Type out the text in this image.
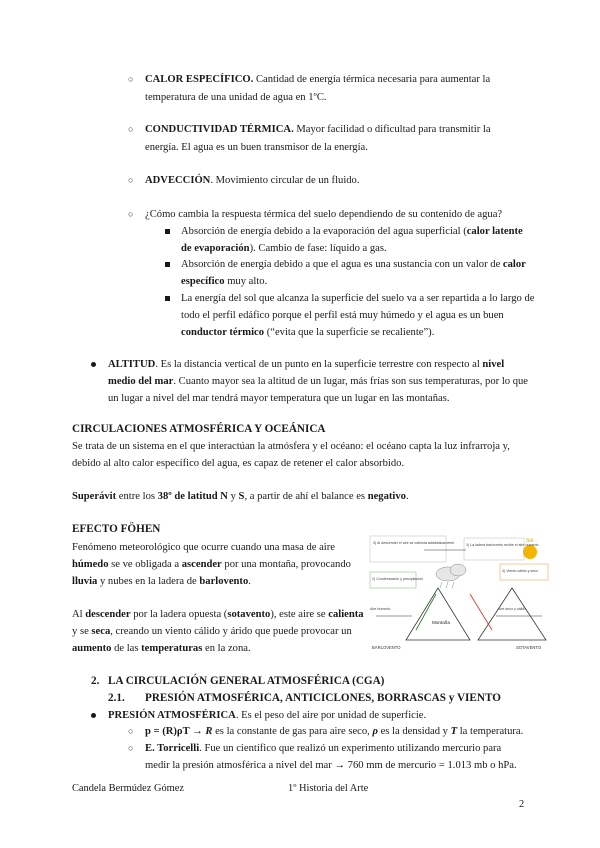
○ CALOR ESPECÍFICO. Cantidad de energía térmica necesaria para aumentar la
temperatura de una unidad de agua en 1ºC.
○ CONDUCTIVIDAD TÉRMICA. Mayor facilidad o dificultad para transmitir la
energía. El agua es un buen transmisor de la energía.
○ ADVECCIÓN. Movimiento circular de un fluido.
○ ¿Cómo cambia la respuesta térmica del suelo dependiendo de su contenido de agua?
Absorción de energía debido a la evaporación del agua superficial (calor latente
de evaporación). Cambio de fase: líquido a gas.
Absorción de energía debido a que el agua es una sustancia con un valor de calor
específico muy alto.
La energía del sol que alcanza la superficie del suelo va a ser repartida a lo largo de
todo el perfil edáfico porque el perfil está muy húmedo y el agua es un buen
conductor térmico (“evita que la superficie se recaliente”).
ALTITUD. Es la distancia vertical de un punto en la superficie terrestre con respecto al nivel
medio del mar. Cuanto mayor sea la altitud de un lugar, más frías son sus temperaturas, por lo que
un lugar a nivel del mar tendrá mayor temperatura que un lugar en las montañas.
CIRCULACIONES ATMOSFÉRICA Y OCEÁNICA
Se trata de un sistema en el que interactúan la atmósfera y el océano: el océano capta la luz infrarroja y,
debido al alto calor específico del agua, es capaz de retener el calor absorbido.
Superávit entre los 38º de latitud N y S, a partir de ahí el balance es negativo.
EFECTO FÖHEN
Fenómeno meteorológico que ocurre cuando una masa de aire
húmedo se ve obligada a ascender por una montaña, provocando
lluvia y nubes en la ladera de barlovento.
Al descender por la ladera opuesta (sotavento), este aire se calienta
y se seca, creando un viento cálido y árido que puede provocar un
aumento de las temperaturas en la zona.
Sol
Montaña
3) Al descender el aire se calienta adiabáticamente	1) La ladera barlovento recibe el aire húmedo
2) Condensación y precipitación
4) Viento cálido y seco
Aire húmedo	Aire seco y cálido
BARLOVENTO	SOTAVENTO
2. LA CIRCULACIÓN GENERAL ATMOSFÉRICA (CGA)
2.1. PRESIÓN ATMOSFÉRICA, ANTICICLONES, BORRASCAS y VIENTO
PRESIÓN ATMOSFÉRICA. Es el peso del aire por unidad de superficie.
○ p = (R)ρT → R es la constante de gas para aire seco, ρ es la densidad y T la temperatura.
○ E. Torricelli. Fue un científico que realizó un experimento utilizando mercurio para
medir la presión atmosférica a nivel del mar → 760 mm de mercurio = 1.013 mb o hPa.
Candela Bermúdez Gómez	1º Historia del Arte
2
